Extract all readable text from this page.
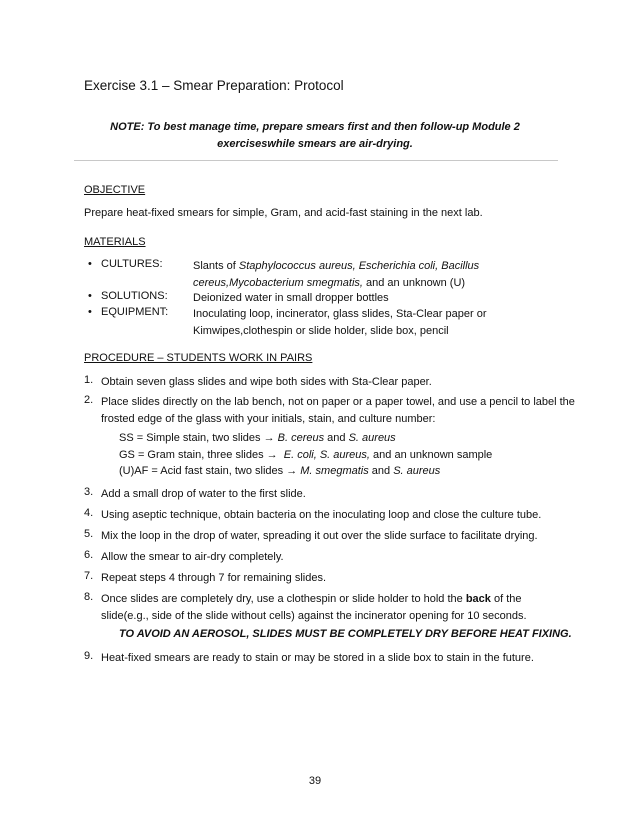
Exercise 3.1 – Smear Preparation: Protocol
NOTE: To best manage time, prepare smears first and then follow-up Module 2
exerciseswhile smears are air-drying.
OBJECTIVE
Prepare heat-fixed smears for simple, Gram, and acid-fast staining in the next lab.
MATERIALS
• CULTURES:	Slants of Staphylococcus aureus, Escherichia coli, Bacillus
cereus,Mycobacterium smegmatis, and an unknown (U)
• SOLUTIONS: Deionized water in small dropper bottles
• EQUIPMENT: Inoculating loop, incinerator, glass slides, Sta-Clear paper or
Kimwipes,clothespin or slide holder, slide box, pencil
PROCEDURE – STUDENTS WORK IN PAIRS
1. Obtain seven glass slides and wipe both sides with Sta-Clear paper.
2. Place slides directly on the lab bench, not on paper or a paper towel, and use a pencil to label the
frosted edge of the glass with your initials, stain, and culture number:
SS = Simple stain, two slides → B. cereus and S. aureus
GS = Gram stain, three slides → E. coli, S. aureus, and an unknown sample
(U)AF = Acid fast stain, two slides → M. smegmatis and S. aureus
3. Add a small drop of water to the first slide.
4. Using aseptic technique, obtain bacteria on the inoculating loop and close the culture tube.
5. Mix the loop in the drop of water, spreading it out over the slide surface to facilitate drying.
6. Allow the smear to air-dry completely.
7. Repeat steps 4 through 7 for remaining slides.
8. Once slides are completely dry, use a clothespin or slide holder to hold the back of the
slide(e.g., side of the slide without cells) against the incinerator opening for 10 seconds.
TO AVOID AN AEROSOL, SLIDES MUST BE COMPLETELY DRY BEFORE HEAT FIXING.
9. Heat-fixed smears are ready to stain or may be stored in a slide box to stain in the future.
39
